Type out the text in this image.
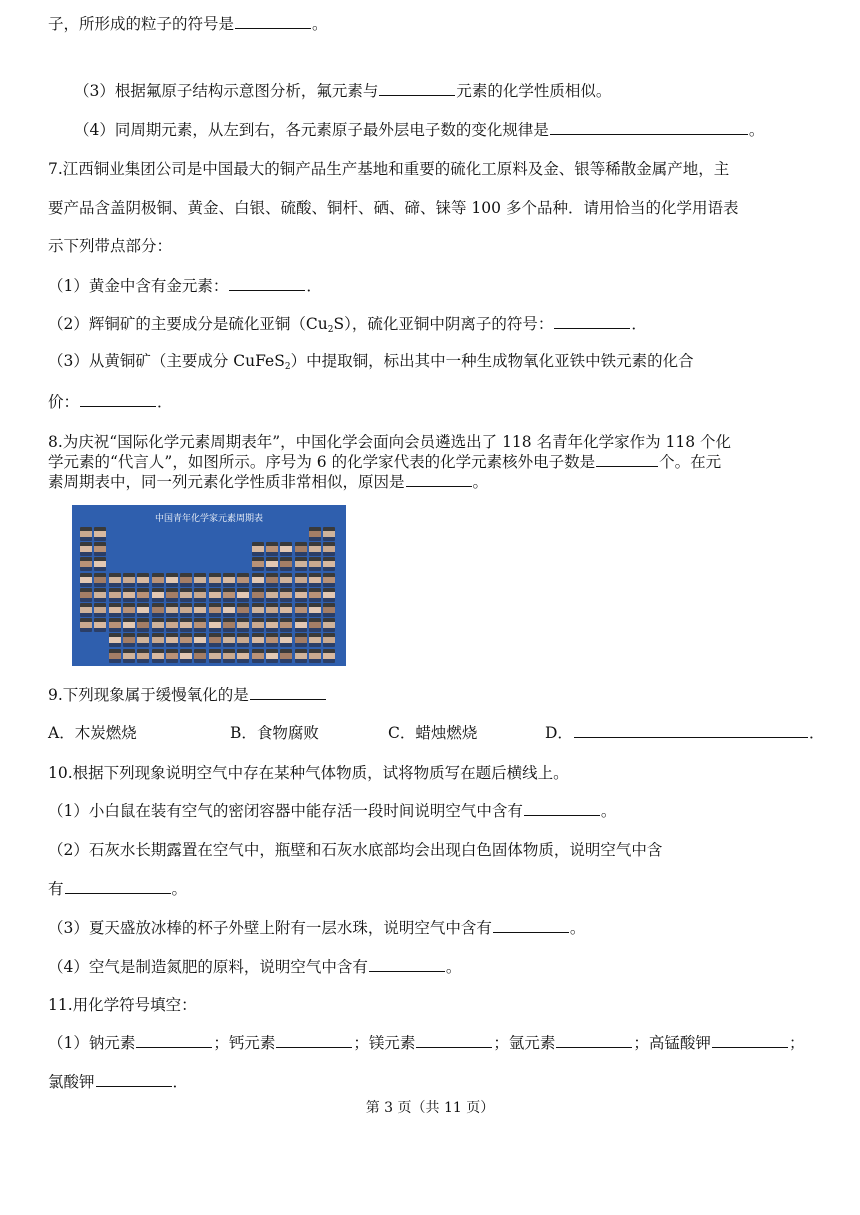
子，所形成的粒子的符号是	。
（3）根据氟原子结构示意图分析，氟元素与	元素的化学性质相似。
（4）同周期元素，从左到右，各元素原子最外层电子数的变化规律是	。
7.江西铜业集团公司是中国最大的铜产品生产基地和重要的硫化工原料及金、银等稀散金属产地，主
要产品含盖阴极铜、黄金、白银、硫酸、铜杆、硒、碲、铼等 100 多个品种．请用恰当的化学用语表
示下列带点部分：
（1）黄金中含有金元素：	．
（2）辉铜矿的主要成分是硫化亚铜$(Cu_2S)$，硫化亚铜中阴离子的符号：	．
（3）从黄铜矿（主要成分 CuFeS$_2$）中提取铜，标出其中一种生成物氧化亚铁中铁元素的化合
价：	．
8.为庆祝“国际化学元素周期表年”，中国化学会面向会员遴选出了 118 名青年化学家作为 118 个化
学元素的“代言人”，如图所示。序号为 6 的化学家代表的化学元素核外电子数是	个。在元
素周期表中，同一列元素化学性质非常相似，原因是	。
中国青年化学家元素周期表
9.下列现象属于缓慢氧化的是
A．木炭燃烧	B．食物腐败	C．蜡烛燃烧	D．	．
10.根据下列现象说明空气中存在某种气体物质，试将物质写在题后横线上。
（1）小白鼠在装有空气的密闭容器中能存活一段时间说明空气中含有	。
（2）石灰水长期露置在空气中，瓶壁和石灰水底部均会出现白色固体物质，说明空气中含
有	。
（3）夏天盛放冰棒的杯子外壁上附有一层水珠，说明空气中含有	。
（4）空气是制造氮肥的原料，说明空气中含有	。
11.用化学符号填空：
（1）钠元素	；钙元素	；镁元素	；氩元素	；高锰酸钾	；
氯酸钾	．
第 3 页（共 11 页）
